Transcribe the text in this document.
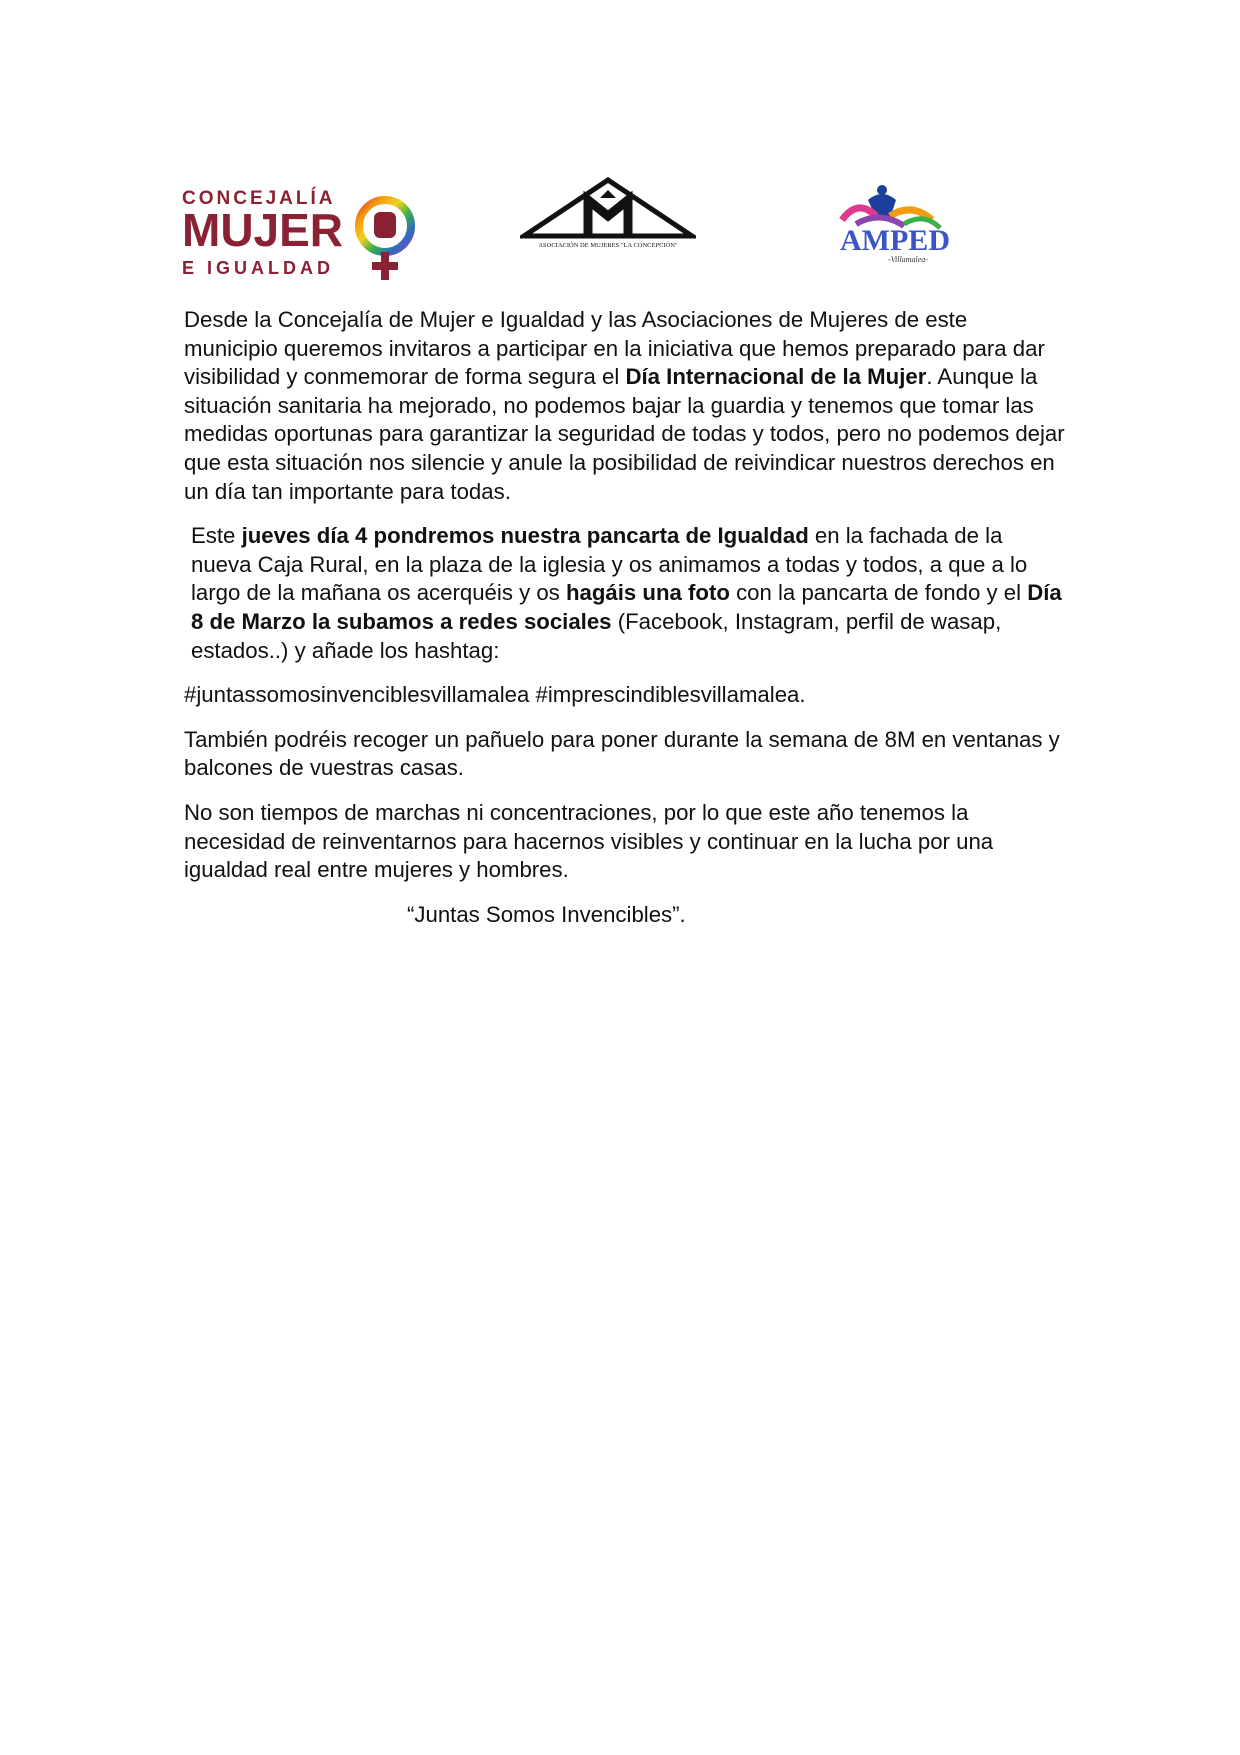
CONCEJALÍA
MUJER
E IGUALDAD
ASOCIACIÓN DE MUJERES "LA CONCEPCIÓN"	AMPED
-Villamalea-

Desde la Concejalía de Mujer e Igualdad y las Asociaciones de Mujeres de este municipio queremos invitaros a participar en la iniciativa que hemos preparado para dar visibilidad y conmemorar de forma segura el Día Internacional de la Mujer. Aunque la situación sanitaria ha mejorado, no podemos bajar la guardia y tenemos que tomar las medidas oportunas para garantizar la seguridad de todas y todos, pero no podemos dejar que esta situación nos silencie y anule la posibilidad de reivindicar nuestros derechos en un día tan importante para todas.

Este jueves día 4 pondremos nuestra pancarta de Igualdad en la fachada de la nueva Caja Rural, en la plaza de la iglesia y os animamos a todas y todos, a que a lo largo de la mañana os acerquéis y os hagáis una foto con la pancarta de fondo y el Día 8 de Marzo la subamos a redes sociales (Facebook, Instagram, perfil de wasap, estados..) y añade los hashtag:

#juntassomosinvenciblesvillamalea #imprescindiblesvillamalea.

También podréis recoger un pañuelo para poner durante la semana de 8M en ventanas y balcones de vuestras casas.

No son tiempos de marchas ni concentraciones, por lo que este año tenemos la necesidad de reinventarnos para hacernos visibles y continuar en la lucha por una igualdad real entre mujeres y hombres.

“Juntas Somos Invencibles”.
